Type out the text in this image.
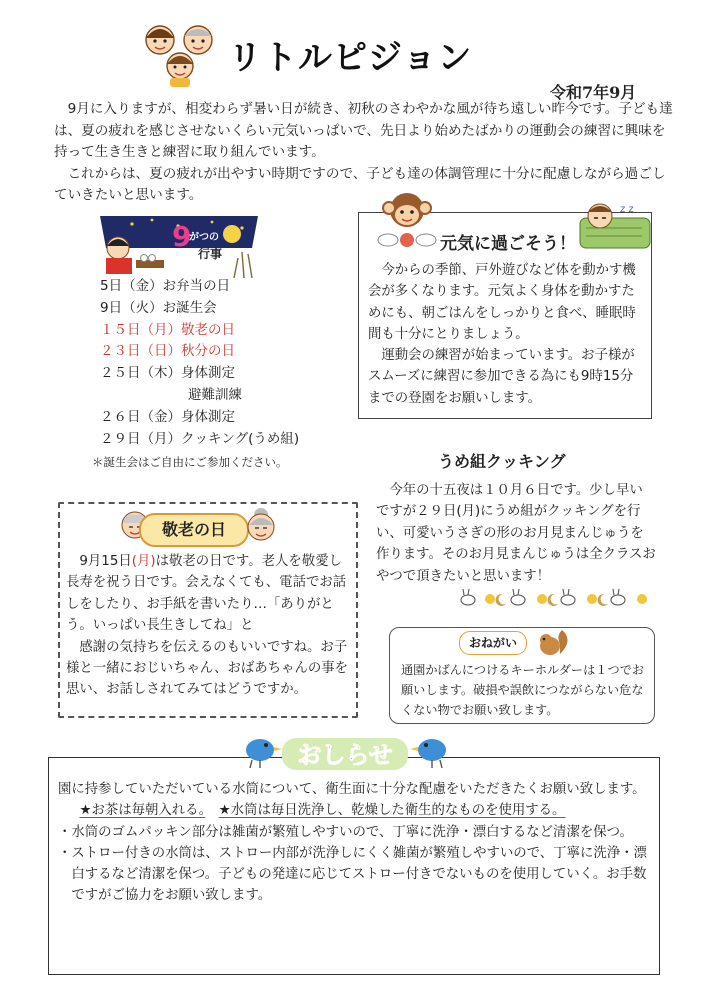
リトルピジョン
令和7年9月

9月に入りますが、相変わらず暑い日が続き、初秋のさわやかな風が待ち遠しい昨今です。子ども達は、夏の疲れを感じさせないくらい元気いっぱいで、先日より始めたばかりの運動会の練習に興味を持って生き生きと練習に取り組んでいます。

これからは、夏の疲れが出やすい時期ですので、子ども達の体調管理に十分に配慮しながら過ごしていきたいと思います。

9
がつの
行事
5日（金）お弁当の日
9日（火）お誕生会
１５日（月）敬老の日
２３日（日）秋分の日
２５日（木）身体測定
避難訓練
２６日（金）身体測定
２９日（月）クッキング(うめ組)
＊誕生会はご自由にご参加ください。
z z
元気に過ごそう！

今からの季節、戸外遊びなど体を動かす機会が多くなります。元気よく身体を動かすためにも、朝ごはんをしっかりと食べ、睡眠時間も十分にとりましょう。

運動会の練習が始まっています。お子様がスムーズに練習に参加できる為にも9時15分までの登園をお願いします。

敬老の日

9月15日(月)は敬老の日です。老人を敬愛し長寿を祝う日です。会えなくても、電話でお話しをしたり、お手紙を書いたり…「ありがとう。いっぱい長生きしてね」と

感謝の気持ちを伝えるのもいいですね。お子様と一緒におじいちゃん、おばあちゃんの事を思い、お話しされてみてはどうですか。

うめ組クッキング
今年の十五夜は１０月６日です。少し早いですが２９日(月)にうめ組がクッキングを行い、可愛いうさぎの形のお月見まんじゅうを作ります。そのお月見まんじゅうは全クラスおやつで頂きたいと思います！
おねがい
通園かばんにつけるキーホルダーは１つでお願いします。破損や誤飲につながらない危なくない物でお願い致します。
おしらせ

園に持参していただいている水筒について、衛生面に十分な配慮をいただきたくお願い致します。

★お茶は毎朝入れる。　 ★水筒は毎日洗浄し、乾燥した衛生的なものを使用する。

・水筒のゴムパッキン部分は雑菌が繁殖しやすいので、丁寧に洗浄・漂白するなど清潔を保つ。

・ストロー付きの水筒は、ストロー内部が洗浄しにくく雑菌が繁殖しやすいので、丁寧に洗浄・漂白するなど清潔を保つ。子どもの発達に応じてストロー付きでないものを使用していく。お手数ですがご協力をお願い致します。
